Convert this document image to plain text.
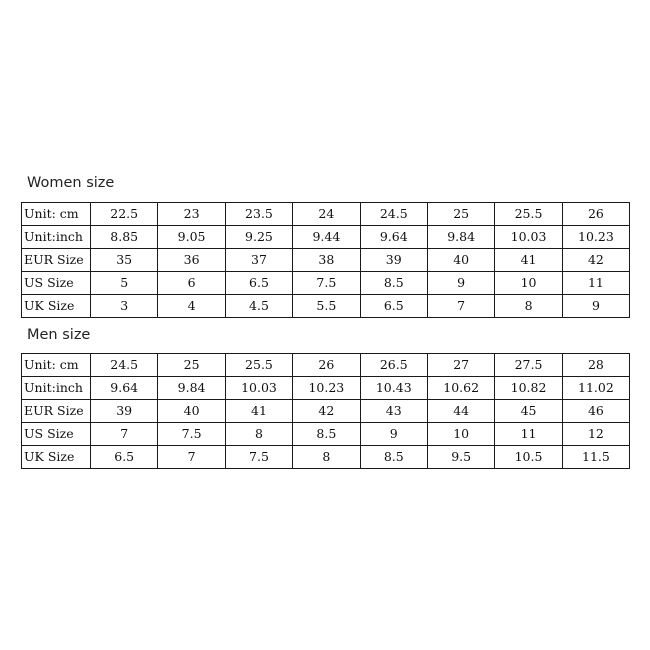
Women size
Unit: cm	22.5	23	23.5	24	24.5	25	25.5	26
Unit:inch	8.85	9.05	9.25	9.44	9.64	9.84	10.03	10.23
EUR Size	35	36	37	38	39	40	41	42
US Size	5	6	6.5	7.5	8.5	9	10	11
UK Size	3	4	4.5	5.5	6.5	7	8	9
Men size
Unit: cm	24.5	25	25.5	26	26.5	27	27.5	28
Unit:inch	9.64	9.84	10.03	10.23	10.43	10.62	10.82	11.02
EUR Size	39	40	41	42	43	44	45	46
US Size	7	7.5	8	8.5	9	10	11	12
UK Size	6.5	7	7.5	8	8.5	9.5	10.5	11.5
